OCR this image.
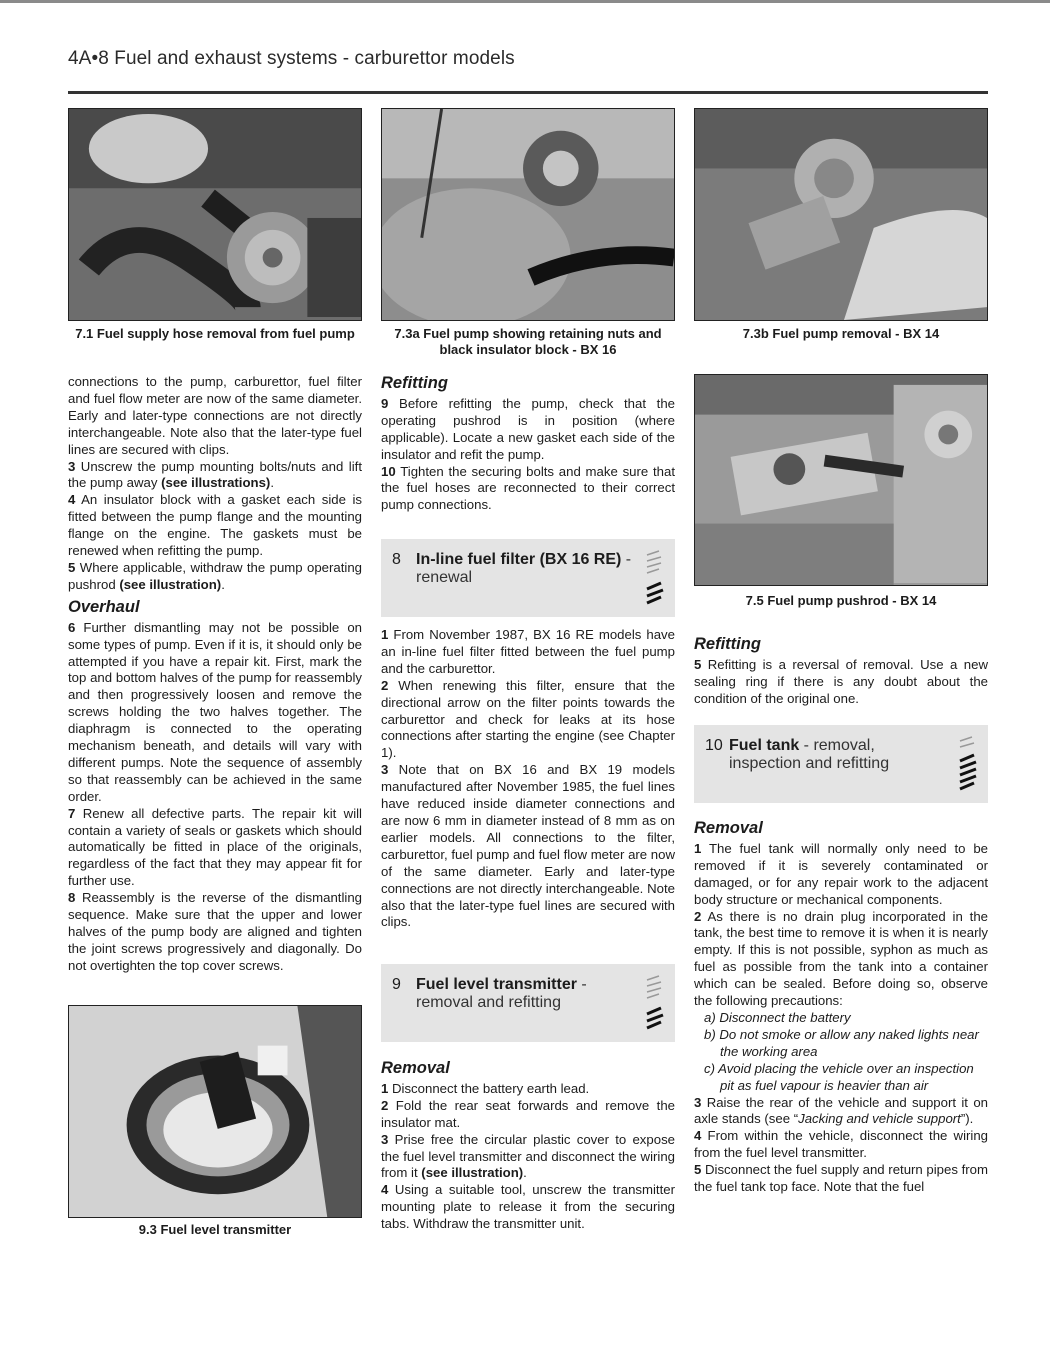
4A•8 Fuel and exhaust systems - carburettor models
7.1 Fuel supply hose removal from fuel pump	7.3a Fuel pump showing retaining nuts and black insulator block - BX 16
7.3b Fuel pump removal - BX 14

connections to the pump, carburettor, fuel filter and fuel flow meter are now of the same diameter. Early and later-type connections are not directly interchangeable. Note also that the later-type fuel lines are secured with clips.

3 Unscrew the pump mounting bolts/nuts and lift the pump away (see illustrations).

4 An insulator block with a gasket each side is fitted between the pump flange and the mounting flange on the engine. The gaskets must be renewed when refitting the pump.

5 Where applicable, withdraw the pump operating pushrod (see illustration).

Overhaul

6 Further dismantling may not be possible on some types of pump. Even if it is, it should only be attempted if you have a repair kit. First, mark the top and bottom halves of the pump for reassembly and then progressively loosen and remove the screws holding the two halves together. The diaphragm is connected to the operating mechanism beneath, and details will vary with different pumps. Note the sequence of assembly so that reassembly can be achieved in the same order.

7 Renew all defective parts. The repair kit will contain a variety of seals or gaskets which should automatically be fitted in place of the originals, regardless of the fact that they may appear fit for further use.

8 Reassembly is the reverse of the dismantling sequence. Make sure that the upper and lower halves of the pump body are aligned and tighten the joint screws progressively and diagonally. Do not overtighten the top cover screws.

9.3 Fuel level transmitter
Refitting

9 Before refitting the pump, check that the operating pushrod is in position (where applicable). Locate a new gasket each side of the insulator and refit the pump.

10 Tighten the securing bolts and make sure that the fuel hoses are reconnected to their correct pump connections.

8 In-line fuel filter (BX 16 RE) -
renewal

1 From November 1987, BX 16 RE models have an in-line fuel filter fitted between the fuel pump and the carburettor.

2 When renewing this filter, ensure that the directional arrow on the filter points towards the carburettor and check for leaks at its hose connections after starting the engine (see Chapter 1).

3 Note that on BX 16 and BX 19 models manufactured after November 1985, the fuel lines have reduced inside diameter connections and are now 6 mm in diameter instead of 8 mm as on earlier models. All connections to the filter, carburettor, fuel pump and fuel flow meter are now of the same diameter. Early and later-type connections are not directly interchangeable. Note also that the later-type fuel lines are secured with clips.

9 Fuel level transmitter -
removal and refitting
Removal

1 Disconnect the battery earth lead.

2 Fold the rear seat forwards and remove the insulator mat.

3 Prise free the circular plastic cover to expose the fuel level transmitter and disconnect the wiring from it (see illustration).

4 Using a suitable tool, unscrew the transmitter mounting plate to release it from the securing tabs. Withdraw the transmitter unit.

7.5 Fuel pump pushrod - BX 14
Refitting

5 Refitting is a reversal of removal. Use a new sealing ring if there is any doubt about the condition of the original one.

10 Fuel tank - removal,
inspection and refitting
Removal

1 The fuel tank will normally only need to be removed if it is severely contaminated or damaged, or for any repair work to the adjacent body structure or mechanical components.

2 As there is no drain plug incorporated in the tank, the best time to remove it is when it is nearly empty. If this is not possible, syphon as much as fuel as possible from the tank into a container which can be sealed. Before doing so, observe the following precautions:

a) Disconnect the battery

b) Do not smoke or allow any naked lights near the working area

c) Avoid placing the vehicle over an inspection pit as fuel vapour is heavier than air

3 Raise the rear of the vehicle and support it on axle stands (see “Jacking and vehicle support”).

4 From within the vehicle, disconnect the wiring from the fuel level transmitter.

5 Disconnect the fuel supply and return pipes from the fuel tank top face. Note that the fuel
